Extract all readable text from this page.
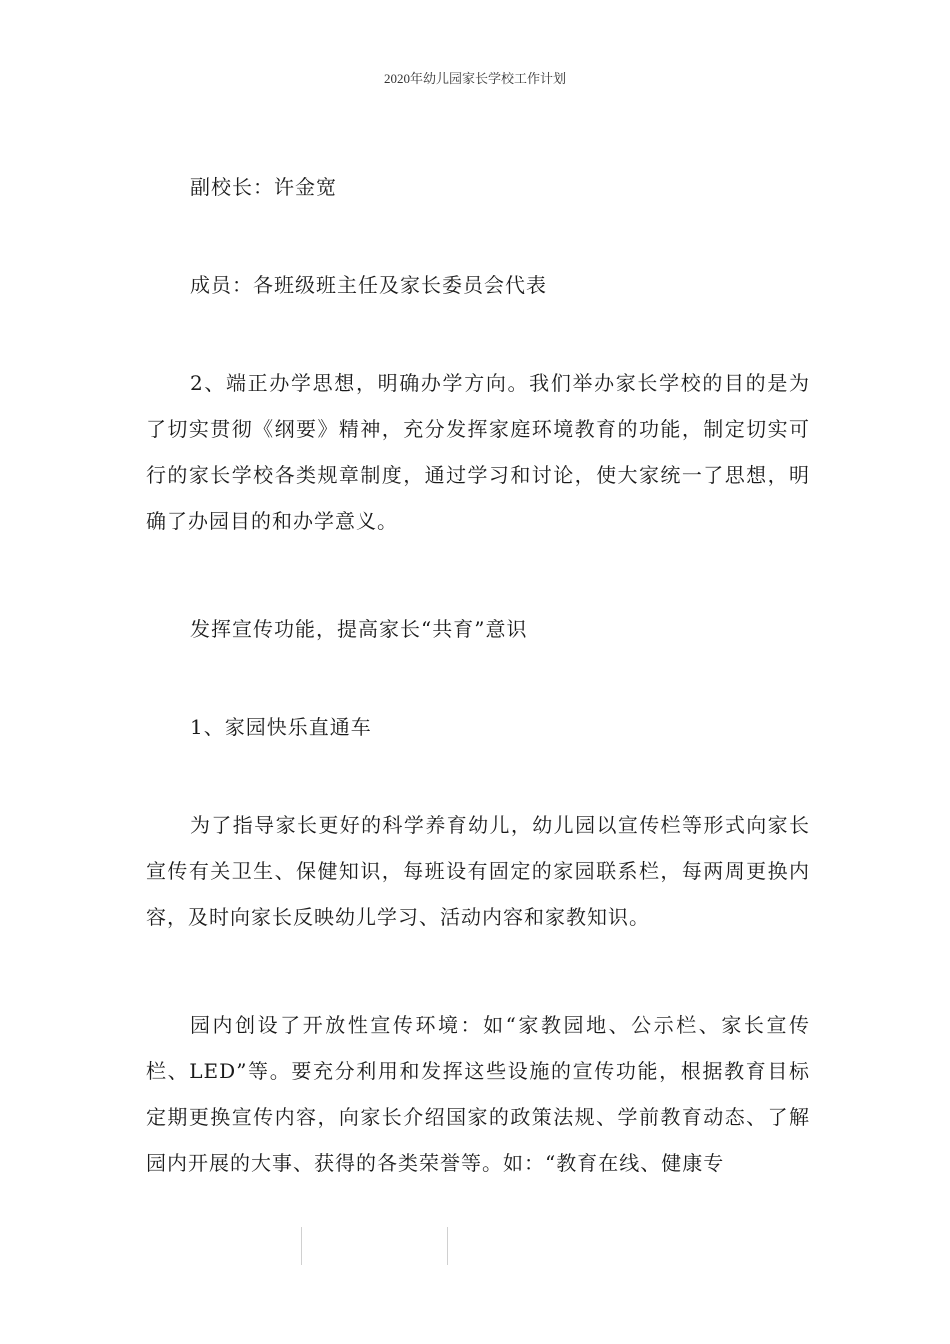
2020年幼儿园家长学校工作计划

副校长：许金宽

成员：各班级班主任及家长委员会代表

2、端正办学思想，明确办学方向。我们举办家长学校的目的是为了切实贯彻《纲要》精神，充分发挥家庭环境教育的功能，制定切实可行的家长学校各类规章制度，通过学习和讨论，使大家统一了思想，明确了办园目的和办学意义。

发挥宣传功能，提高家长“共育”意识

1、家园快乐直通车

为了指导家长更好的科学养育幼儿，幼儿园以宣传栏等形式向家长宣传有关卫生、保健知识，每班设有固定的家园联系栏，每两周更换内容，及时向家长反映幼儿学习、活动内容和家教知识。

园内创设了开放性宣传环境：如“家教园地、公示栏、家长宣传栏、LED”等。要充分利用和发挥这些设施的宣传功能，根据教育目标定期更换宣传内容，向家长介绍国家的政策法规、学前教育动态、了解园内开展的大事、获得的各类荣誉等。如：“教育在线、健康专
